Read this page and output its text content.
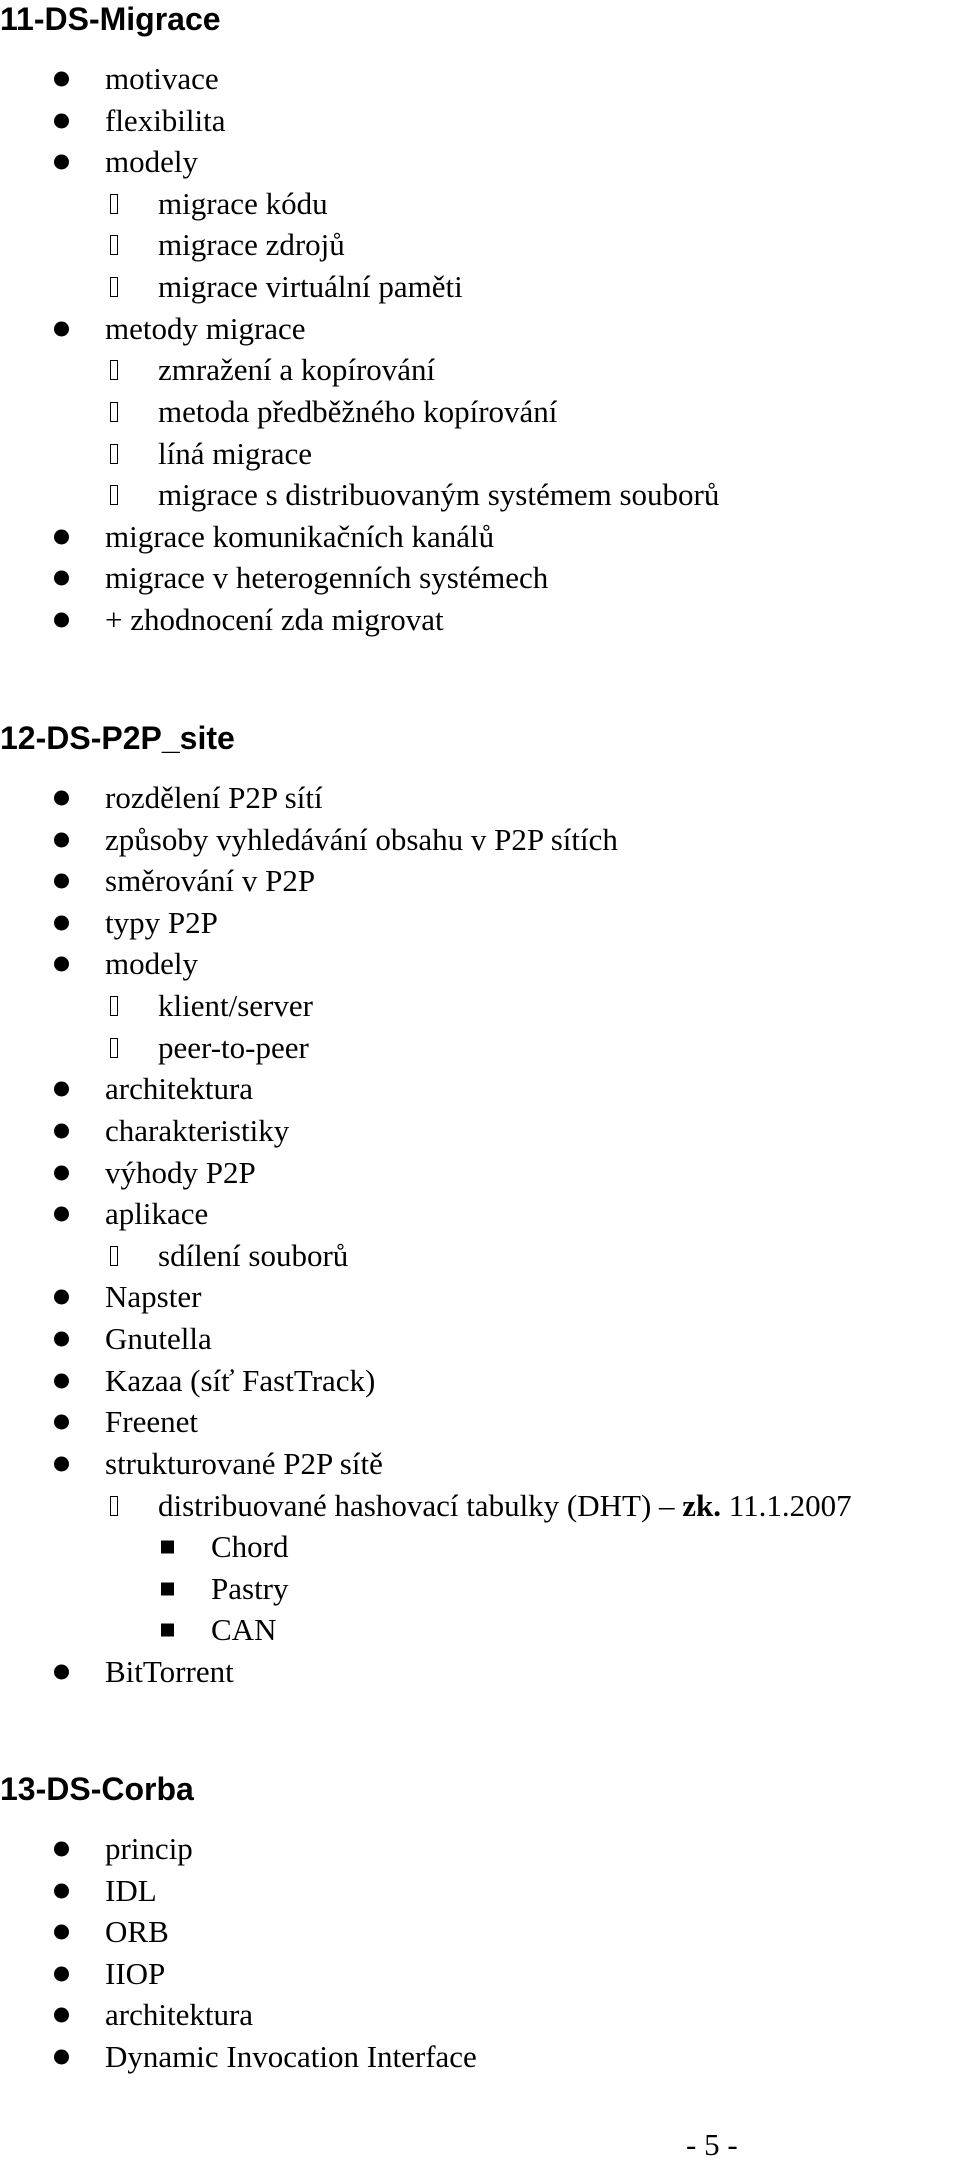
11-DS-Migrace
motivace
flexibilita
modely
migrace kódu
migrace zdrojů
migrace virtuální paměti
metody migrace
zmražení a kopírování
metoda předběžného kopírování
líná migrace
migrace s distribuovaným systémem souborů
migrace komunikačních kanálů
migrace v heterogenních systémech
+ zhodnocení zda migrovat
12-DS-P2P_site
rozdělení P2P sítí
způsoby vyhledávání obsahu v P2P sítích
směrování v P2P
typy P2P
modely
klient/server
peer-to-peer
architektura
charakteristiky
výhody P2P
aplikace
sdílení souborů
Napster
Gnutella
Kazaa (síť FastTrack)
Freenet
strukturované P2P sítě
distribuované hashovací tabulky (DHT) – zk. 11.1.2007
Chord
Pastry
CAN
BitTorrent
13-DS-Corba
princip
IDL
ORB
IIOP
architektura
Dynamic Invocation Interface
- 5 -
